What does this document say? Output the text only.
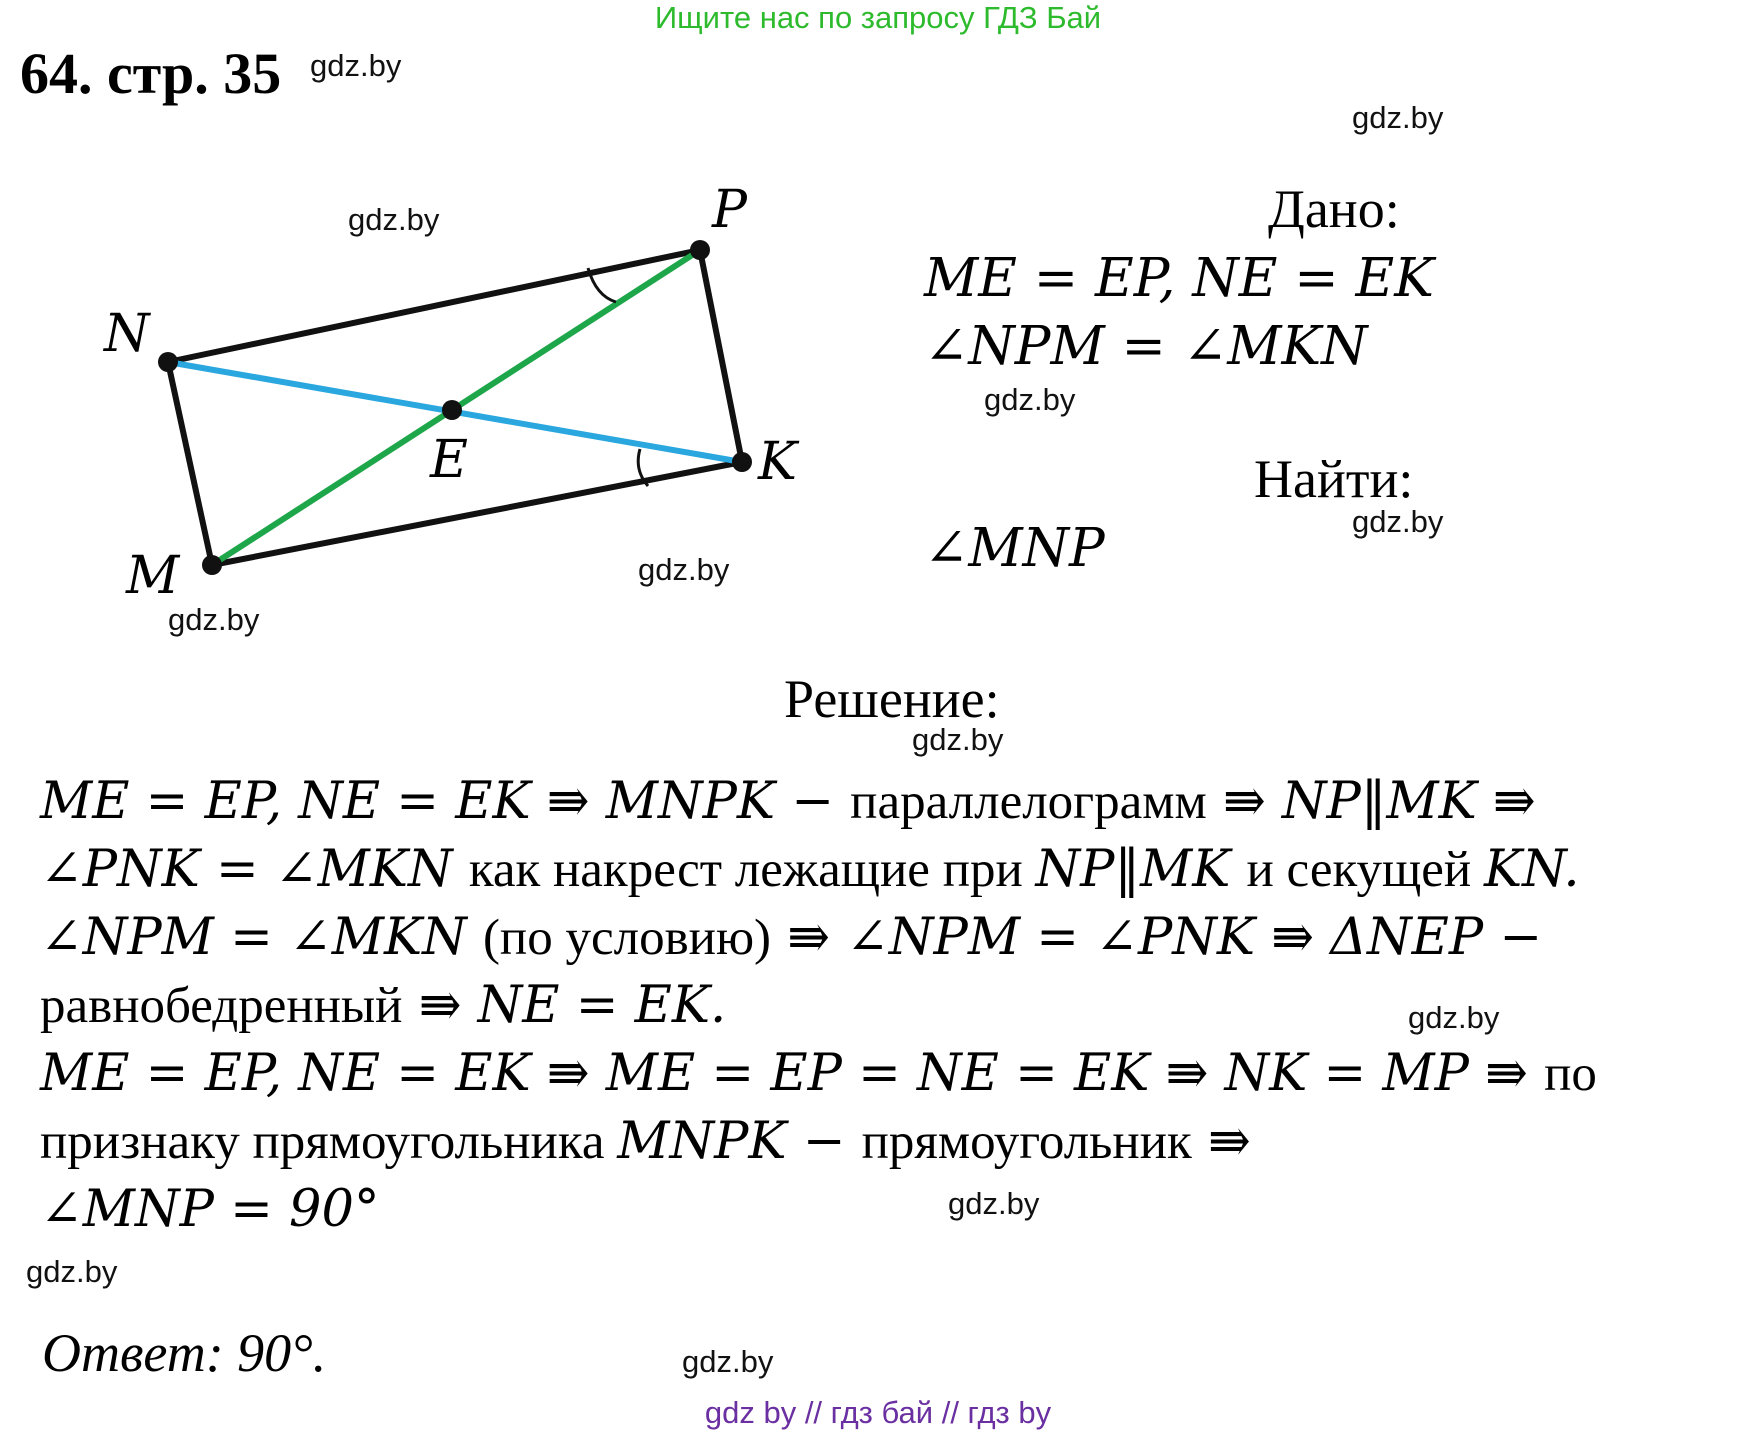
Ищите нас по запросу ГДЗ Бай
64. стр. 35 gdz.by
gdz.by
gdz.by
gdz.by
gdz.by
gdz.by
gdz.by
gdz.by
gdz.by
gdz.by
gdz.by
gdz.by
P
N
E	K
M
Дано:
ME = EP, NE = EK
∠NPM = ∠MKN
Найти:
∠MNP
Решение:
ME = EP, NE = EK ⇛ MNPK − параллелограмм ⇛ NP‖MK ⇛
∠PNK = ∠MKN как накрест лежащие при NP‖MK и секущей KN.
∠NPM = ∠MKN (по условию) ⇛ ∠NPM = ∠PNK ⇛ ΔNEP −
равнобедренный ⇛ NE = EK.
ME = EP, NE = EK ⇛ ME = EP = NE = EK ⇛ NK = MP ⇛ по
признаку прямоугольника MNPK − прямоугольник ⇛
∠MNP = 90°
Ответ: 90°.
gdz by // гдз бай // гдз by
